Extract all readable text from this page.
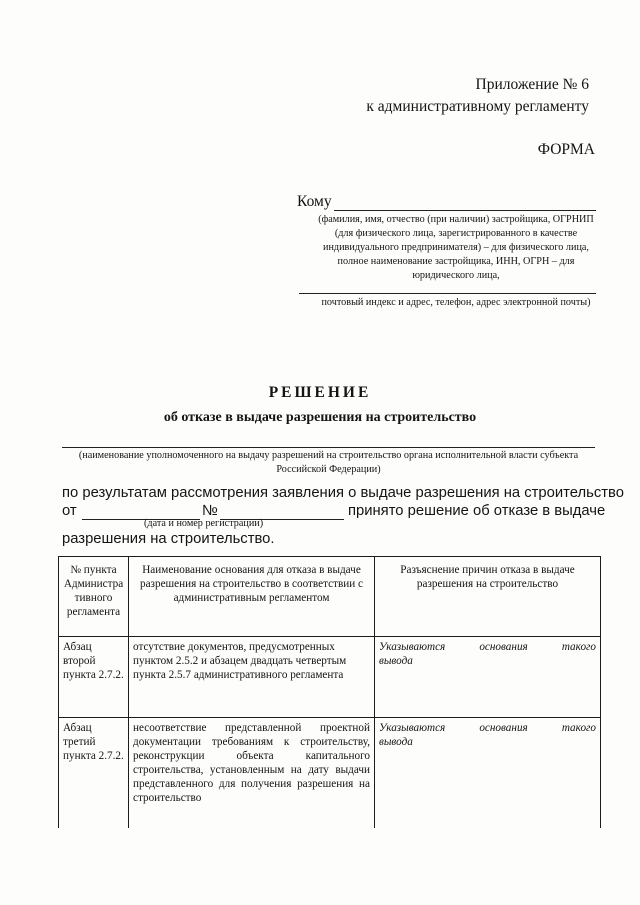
Приложение № 6
к административному регламенту
ФОРМА
Кому
(фамилия, имя, отчество (при наличии) застройщика, ОГРНИП (для физического лица, зарегистрированного в качестве индивидуального предпринимателя) – для физического лица, полное наименование застройщика, ИНН, ОГРН – для юридического лица,
почтовый индекс и адрес, телефон, адрес электронной почты)
РЕШЕНИЕ
об отказе в выдаче разрешения на строительство
(наименование уполномоченного на выдачу разрешений на строительство органа исполнительной власти субъекта Российской Федерации)
по результатам рассмотрения заявления о выдаче разрешения на строительство
от	№	принято решение об отказе в выдаче
(дата и номер регистрации)
разрешения на строительство.
№ пункта Администра тивного регламента	Наименование основания для отказа в выдаче разрешения на строительство в соответствии с административным регламентом	Разъяснение причин отказа в выдаче разрешения на строительство
Абзац второй пункта 2.7.2.	отсутствие документов, предусмотренных пунктом 2.5.2 и абзацем двадцать четвертым пункта 2.5.7 административного регламента	Указываются основания такого вывода
Абзац третий пункта 2.7.2.	несоответствие представленной проектной документации требованиям к строительству, реконструкции объекта капитального строительства, установленным на дату выдачи представленного для получения разрешения на строительство	Указываются основания такого вывода
